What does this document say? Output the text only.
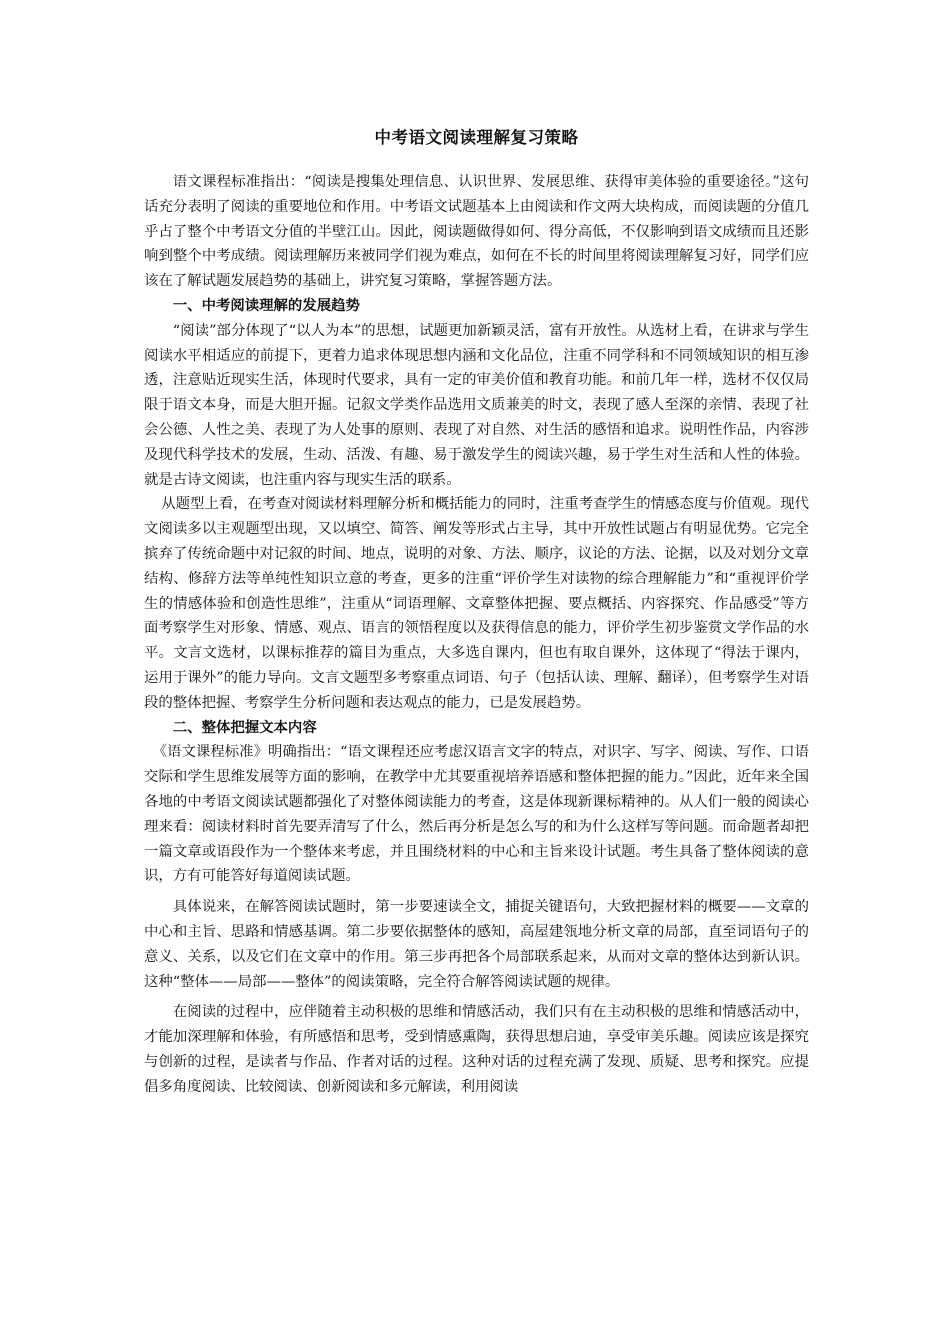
中考语文阅读理解复习策略

语文课程标准指出：“阅读是搜集处理信息、认识世界、发展思维、获得审美体验的重要途径。”这句话充分表明了阅读的重要地位和作用。中考语文试题基本上由阅读和作文两大块构成，而阅读题的分值几乎占了整个中考语文分值的半壁江山。因此，阅读题做得如何、得分高低，不仅影响到语文成绩而且还影响到整个中考成绩。阅读理解历来被同学们视为难点，如何在不长的时间里将阅读理解复习好，同学们应该在了解试题发展趋势的基础上，讲究复习策略，掌握答题方法。

一、中考阅读理解的发展趋势

“阅读”部分体现了“以人为本”的思想，试题更加新颖灵活，富有开放性。从选材上看，在讲求与学生阅读水平相适应的前提下，更着力追求体现思想内涵和文化品位，注重不同学科和不同领域知识的相互渗透，注意贴近现实生活，体现时代要求，具有一定的审美价值和教育功能。和前几年一样，选材不仅仅局限于语文本身，而是大胆开掘。记叙文学类作品选用文质兼美的时文，表现了感人至深的亲情、表现了社会公德、人性之美、表现了为人处事的原则、表现了对自然、对生活的感悟和追求。说明性作品，内容涉及现代科学技术的发展，生动、活泼、有趣、易于激发学生的阅读兴趣，易于学生对生活和人性的体验。就是古诗文阅读，也注重内容与现实生活的联系。

从题型上看，在考查对阅读材料理解分析和概括能力的同时，注重考查学生的情感态度与价值观。现代文阅读多以主观题型出现，又以填空、简答、阐发等形式占主导，其中开放性试题占有明显优势。它完全摈弃了传统命题中对记叙的时间、地点，说明的对象、方法、顺序，议论的方法、论据，以及对划分文章结构、修辞方法等单纯性知识立意的考查，更多的注重“评价学生对读物的综合理解能力”和“重视评价学生的情感体验和创造性思维”，注重从“词语理解、文章整体把握、要点概括、内容探究、作品感受”等方面考察学生对形象、情感、观点、语言的领悟程度以及获得信息的能力，评价学生初步鉴赏文学作品的水平。文言文选材，以课标推荐的篇目为重点，大多选自课内，但也有取自课外，这体现了“得法于课内，运用于课外”的能力导向。文言文题型多考察重点词语、句子（包括认读、理解、翻译），但考察学生对语段的整体把握、考察学生分析问题和表达观点的能力，已是发展趋势。

二、整体把握文本内容

《语文课程标准》明确指出：“语文课程还应考虑汉语言文字的特点，对识字、写字、阅读、写作、口语交际和学生思维发展等方面的影响，在教学中尤其要重视培养语感和整体把握的能力。”因此，近年来全国各地的中考语文阅读试题都强化了对整体阅读能力的考查，这是体现新课标精神的。从人们一般的阅读心理来看：阅读材料时首先要弄清写了什么，然后再分析是怎么写的和为什么这样写等问题。而命题者却把一篇文章或语段作为一个整体来考虑，并且围绕材料的中心和主旨来设计试题。考生具备了整体阅读的意识，方有可能答好每道阅读试题。

具体说来，在解答阅读试题时，第一步要速读全文，捕捉关键语句，大致把握材料的概要——文章的中心和主旨、思路和情感基调。第二步要依据整体的感知，高屋建瓴地分析文章的局部，直至词语句子的意义、关系，以及它们在文章中的作用。第三步再把各个局部联系起来，从而对文章的整体达到新认识。这种“整体——局部——整体”的阅读策略，完全符合解答阅读试题的规律。

在阅读的过程中，应伴随着主动积极的思维和情感活动，我们只有在主动积极的思维和情感活动中，才能加深理解和体验，有所感悟和思考，受到情感熏陶，获得思想启迪，享受审美乐趣。阅读应该是探究与创新的过程，是读者与作品、作者对话的过程。这种对话的过程充满了发现、质疑、思考和探究。应提倡多角度阅读、比较阅读、创新阅读和多元解读，利用阅读
